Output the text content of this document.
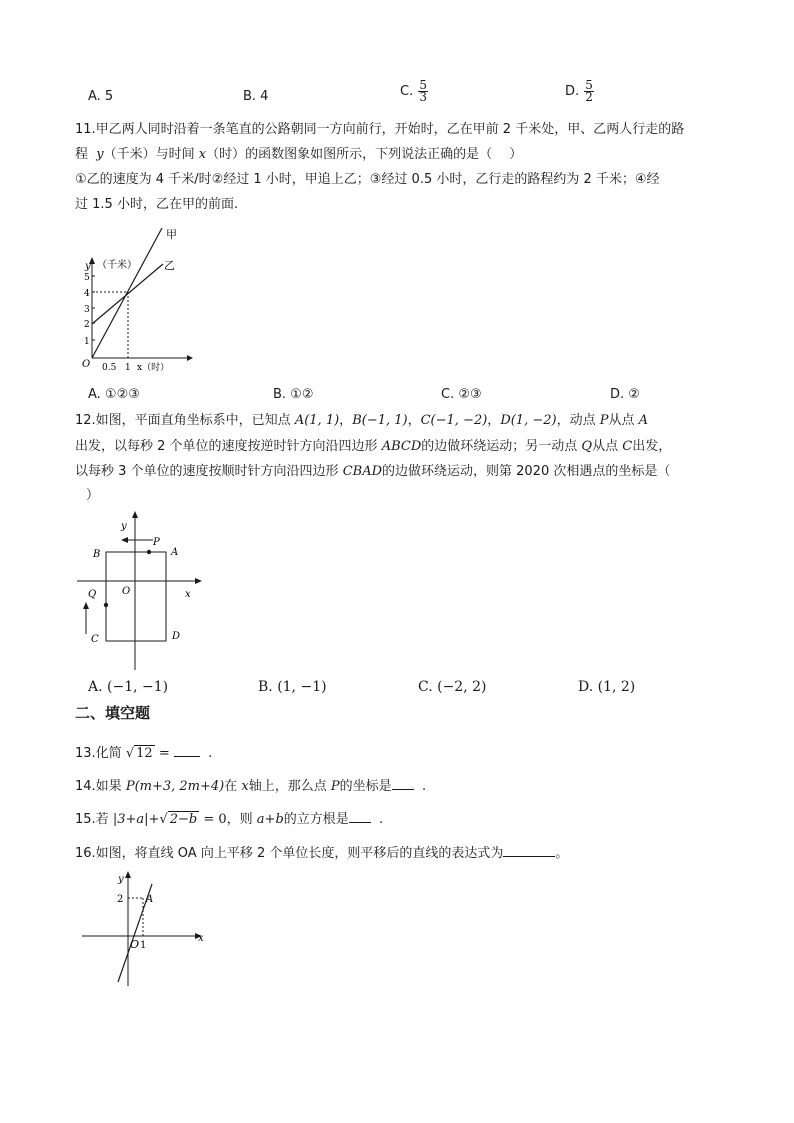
A. 5	B. 4	C. $\frac{5}{3}$	D. $\frac{5}{2}$
11.甲乙两人同时沿着一条笔直的公路朝同一方向前行，开始时，乙在甲前 2 千米处，甲、乙两人行走的路
程 y（千米）与时间 x（时）的函数图象如图所示，下列说法正确的是（　 ）
①乙的速度为 4 千米/时②经过 1 小时，甲追上乙；③经过 0.5 小时，乙行走的路程约为 2 千米；④经
过 1.5 小时，乙在甲的前面.
y （千米）
1
2
3
4
5
O 0.5 1 x（时）
甲
乙
A. ①②③	B. ①②	C. ②③	D. ②
12.如图，平面直角坐标系中，已知点 A(1, 1)，B(−1, 1)，C(−1, −2)，D(1, −2)，动点 P从点 A
出发，以每秒 2 个单位的速度按逆时针方向沿四边形 ABCD的边做环绕运动；另一动点 Q从点 C出发，
以每秒 3 个单位的速度按顺时针方向沿四边形 CBAD的边做环绕运动，则第 2020 次相遇点的坐标是（
）
y
P
B	A
O	x
Q
C	D
A. (−1, −1)	B. (1, −1)	C. (−2, 2)	D. (1, 2)
二、填空题
13.化简 √ 12 =	.
14.如果 P(m+3, 2m+4)在 x轴上，那么点 P的坐标是 .
15.若 |3+a|+√ 2−b = 0，则 a+b的立方根是 .
16.如图，将直线 OA 向上平移 2 个单位长度，则平移后的直线的表达式为	。
y
x
2 A
O 1
